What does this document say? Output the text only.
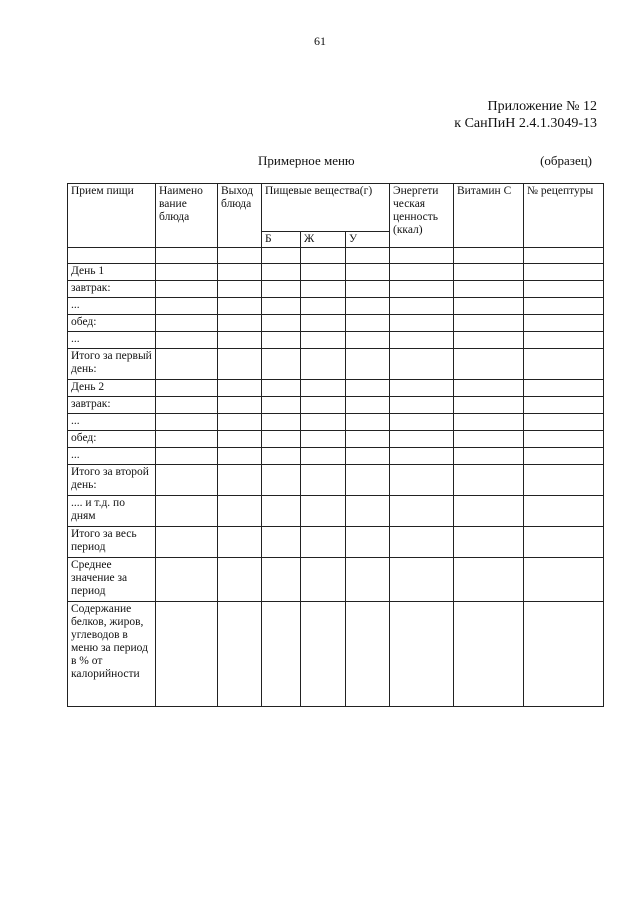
61
Приложение № 12
к СанПиН 2.4.1.3049-13
Примерное меню	(образец)
Прием пищи	Наимено вание блюда	Выход блюда	Пищевые вещества(г)			Энергети ческая ценность (ккал)	Витамин С	№ рецептуры
			Б	Ж	У			

День 1								
завтрак:								
...								
обед:								
...								
Итого за первый день:								
День 2								
завтрак:								
...								
обед:								
...								
Итого за второй день:								
.... и т.д. по дням								
Итого за весь период								
Среднее значение за период								
Содержание белков, жиров, углеводов в меню за период в % от калорийности								
